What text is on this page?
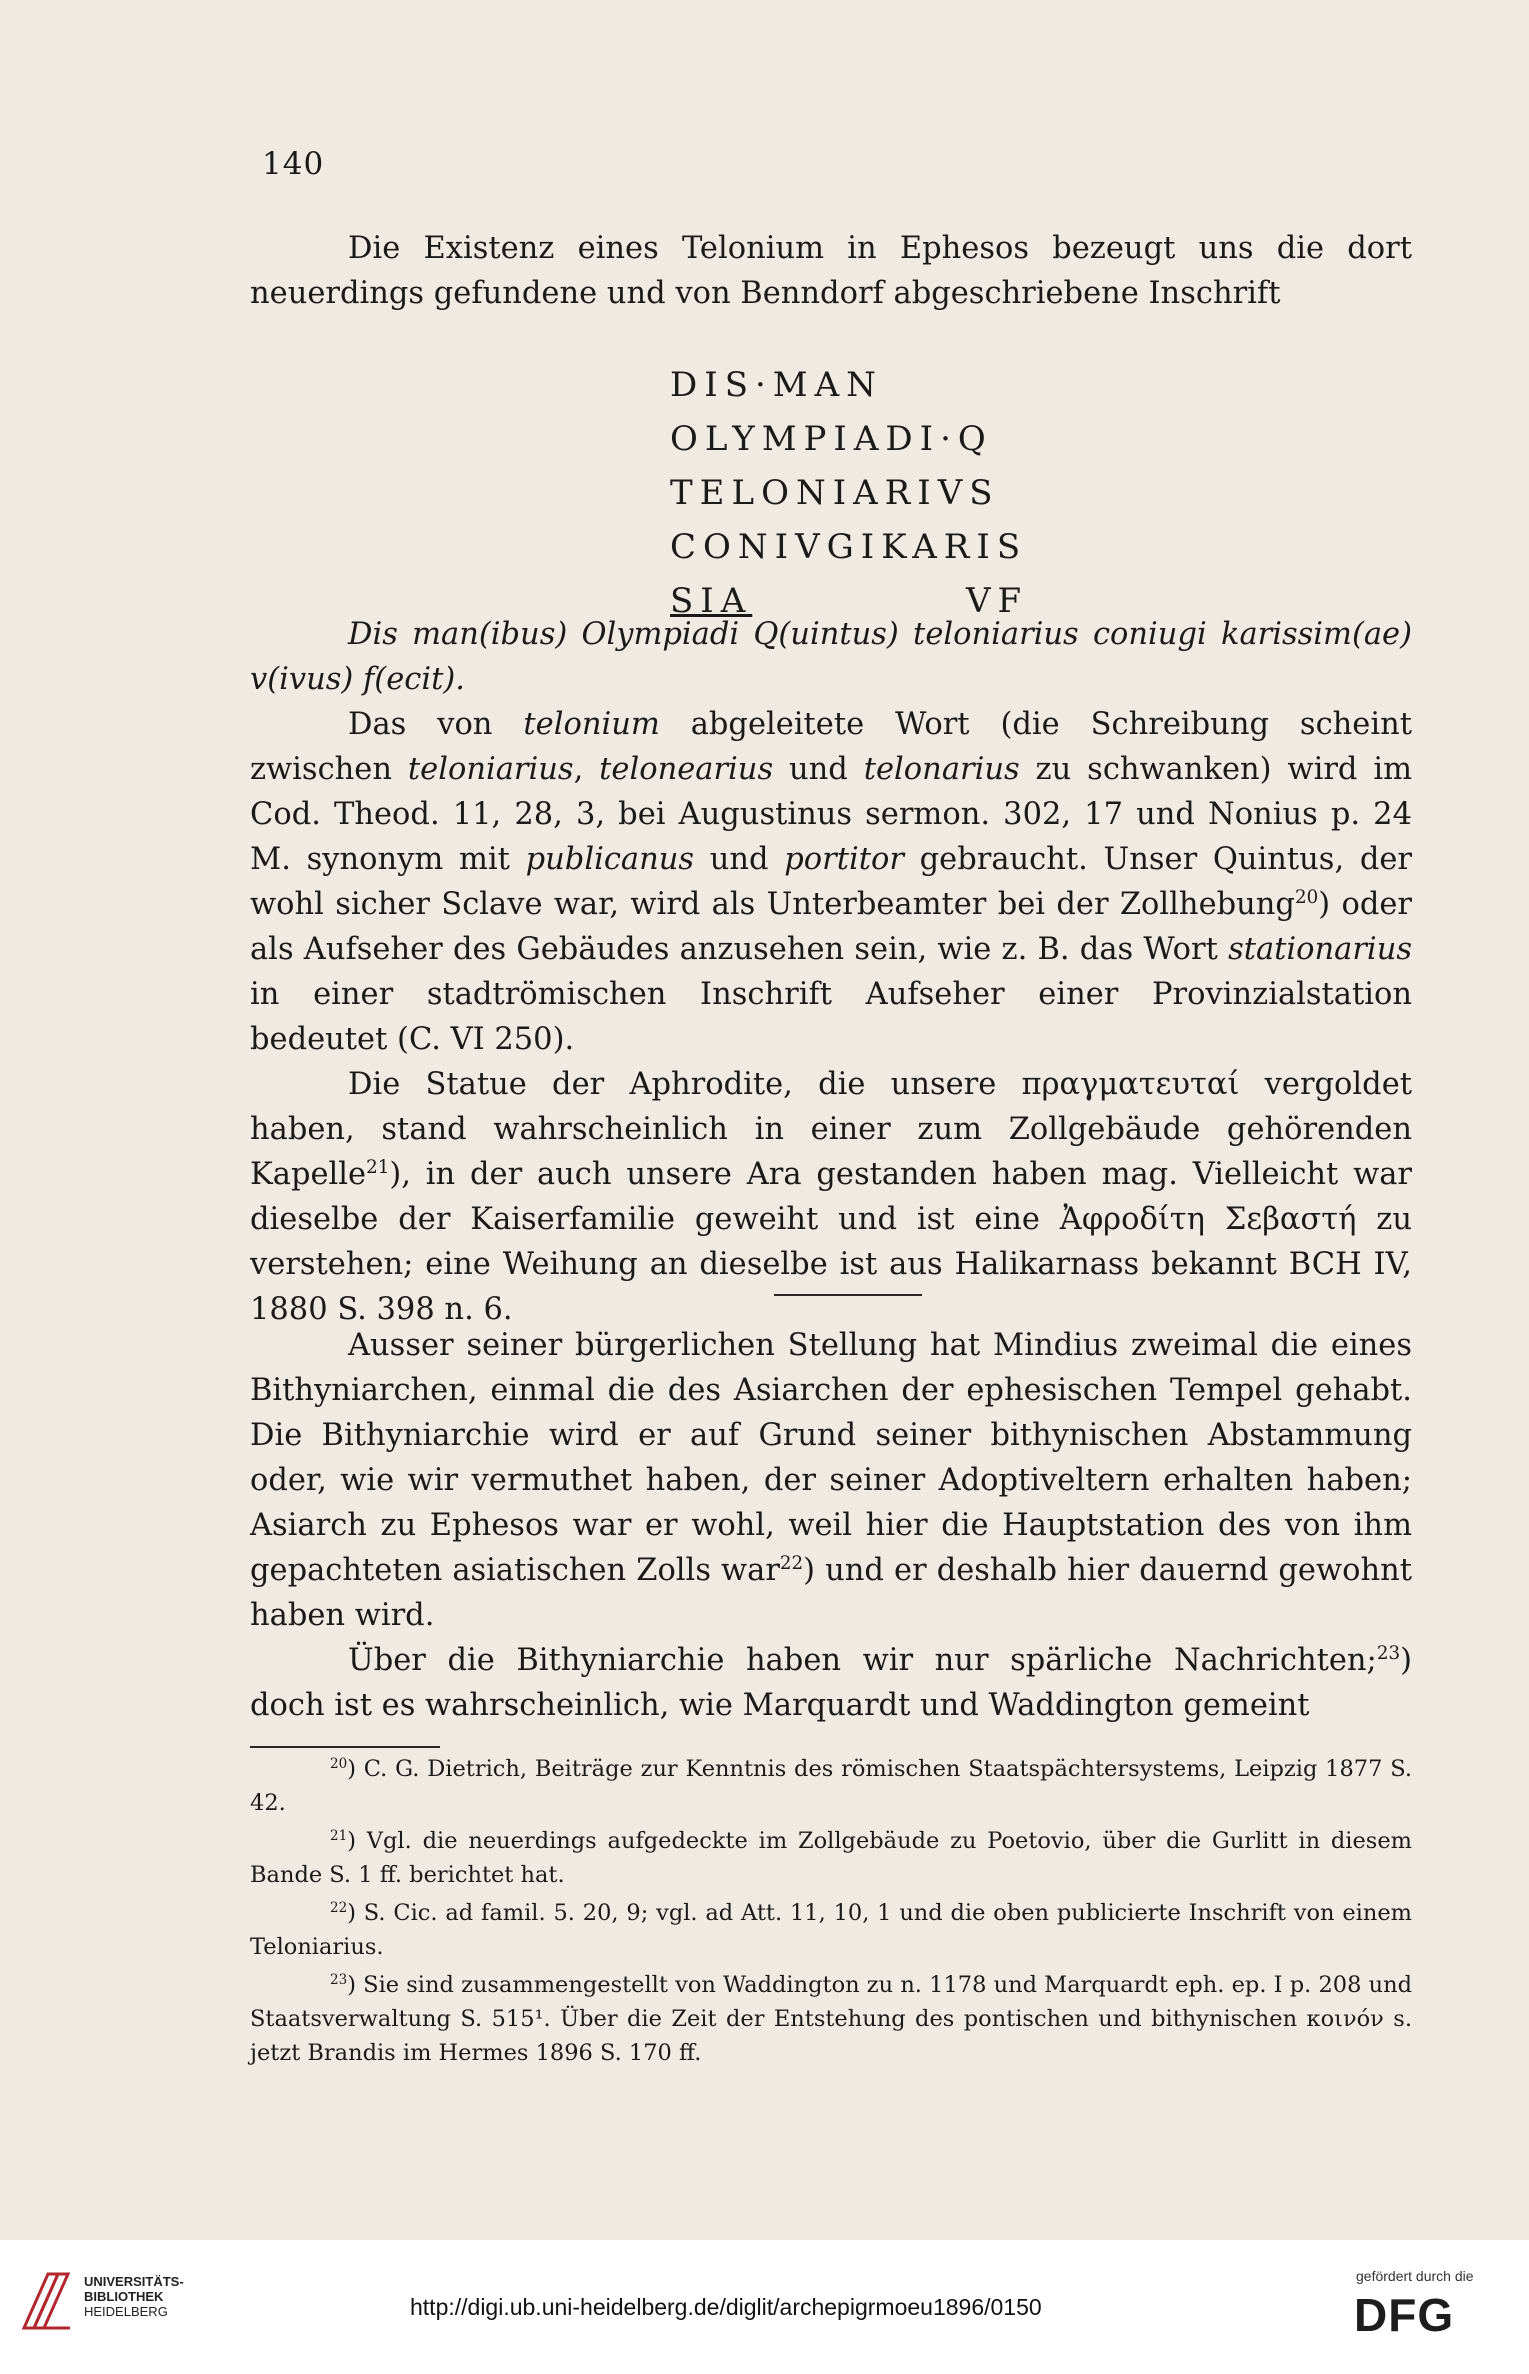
140

Die Existenz eines Telonium in Ephesos bezeugt uns die dort neuerdings gefundene und von Benndorf abgeschriebene Inschrift

DIS·MAN
OLYMPIADI·Q
TELONIARIVS
CONIVGIKARIS
SIA	VF

Dis man(ibus) Olympiadi Q(uintus) teloniarius coniugi karissim(ae) v(ivus) f(ecit).

Das von telonium abgeleitete Wort (die Schreibung scheint zwischen teloniarius, telonearius und telonarius zu schwanken) wird im Cod. Theod. 11, 28, 3, bei Augustinus sermon. 302, 17 und Nonius p. 24 M. synonym mit publicanus und portitor gebraucht. Unser Quintus, der wohl sicher Sclave war, wird als Unterbeamter bei der Zollhebung$^{20}$) oder als Aufseher des Gebäudes anzusehen sein, wie z. B. das Wort stationarius in einer stadtrömischen Inschrift Aufseher einer Provinzialstation bedeutet (C. VI 250).

Die Statue der Aphrodite, die unsere πραγματευταί vergoldet haben, stand wahrscheinlich in einer zum Zollgebäude gehörenden Kapelle$^{21}$), in der auch unsere Ara gestanden haben mag. Vielleicht war dieselbe der Kaiserfamilie geweiht und ist eine Ἀφροδίτη Σεβαστή zu verstehen; eine Weihung an dieselbe ist aus Halikarnass bekannt BCH IV, 1880 S. 398 n. 6.

Ausser seiner bürgerlichen Stellung hat Mindius zweimal die eines Bithyniarchen, einmal die des Asiarchen der ephesischen Tempel gehabt. Die Bithyniarchie wird er auf Grund seiner bithynischen Abstammung oder, wie wir vermuthet haben, der seiner Adoptiveltern erhalten haben; Asiarch zu Ephesos war er wohl, weil hier die Hauptstation des von ihm gepachteten asiatischen Zolls war$^{22}$) und er deshalb hier dauernd gewohnt haben wird.

Über die Bithyniarchie haben wir nur spärliche Nachrichten;$^{23}$) doch ist es wahrscheinlich, wie Marquardt und Waddington gemeint

$^{20}$) C. G. Dietrich, Beiträge zur Kenntnis des römischen Staatspächtersystems, Leipzig 1877 S. 42.

$^{21}$) Vgl. die neuerdings aufgedeckte im Zollgebäude zu Poetovio, über die Gurlitt in diesem Bande S. 1 ff. berichtet hat.

$^{22}$) S. Cic. ad famil. 5. 20, 9; vgl. ad Att. 11, 10, 1 und die oben publicierte Inschrift von einem Teloniarius.

$^{23}$) Sie sind zusammengestellt von Waddington zu n. 1178 und Marquardt eph. ep. I p. 208 und Staatsverwaltung S. 515¹. Über die Zeit der Entstehung des pontischen und bithynischen κοινόν s. jetzt Brandis im Hermes 1896 S. 170 ff.

UNIVERSITÄTS-
BIBLIOTHEK
HEIDELBERG	http://digi.ub.uni-heidelberg.de/diglit/archepigrmoeu1896/0150
gefördert durch die
DFG
